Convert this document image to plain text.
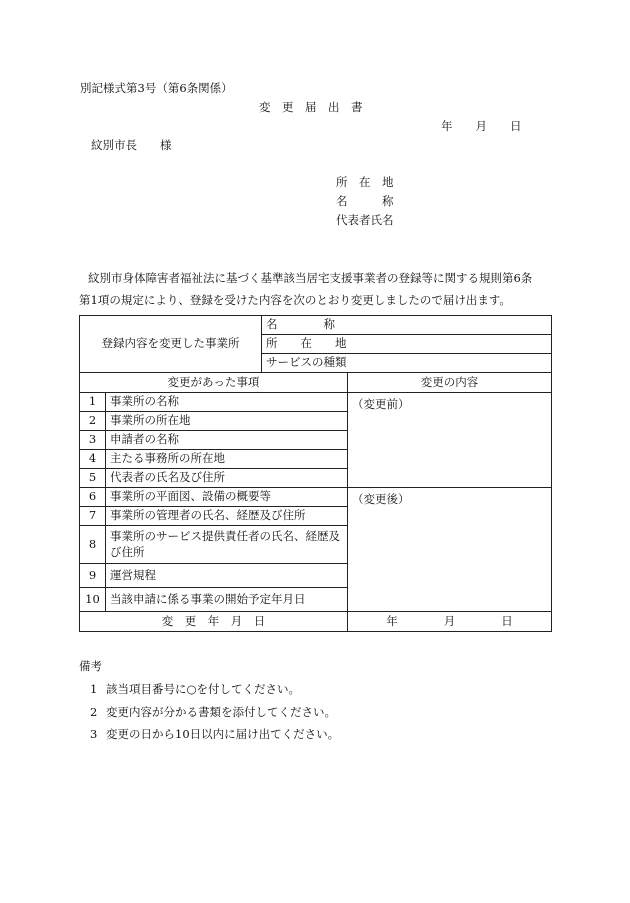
別記様式第3号（第6条関係）
変　更　届　出　書
年　　月　　日
紋別市長　　様
所　在　地
名　　　称
代表者氏名
紋別市身体障害者福祉法に基づく基準該当居宅支援事業者の登録等に関する規則第6条
第1項の規定により、登録を受けた内容を次のとおり変更しましたので届け出ます。
登録内容を変更した事業所		名　　　　称	
		所　　在　　地	
		サービスの種類	
変更があった事項			変更の内容
1	事業所の名称		（変更前）
2	事業所の所在地		
3	申請者の名称		
4	主たる事務所の所在地		
5	代表者の氏名及び住所		
6	事業所の平面図、設備の概要等		（変更後）
7	事業所の管理者の氏名、経歴及び住所		
8	事業所のサービス提供責任者の氏名、経歴及び住所		
9	運営規程		
10	当該申請に係る事業の開始予定年月日		
変　更　年　月　日			年　　　　月　　　　日
備考
1 該当項目番号に○を付してください。
2 変更内容が分かる書類を添付してください。
3 変更の日から10日以内に届け出てください。
